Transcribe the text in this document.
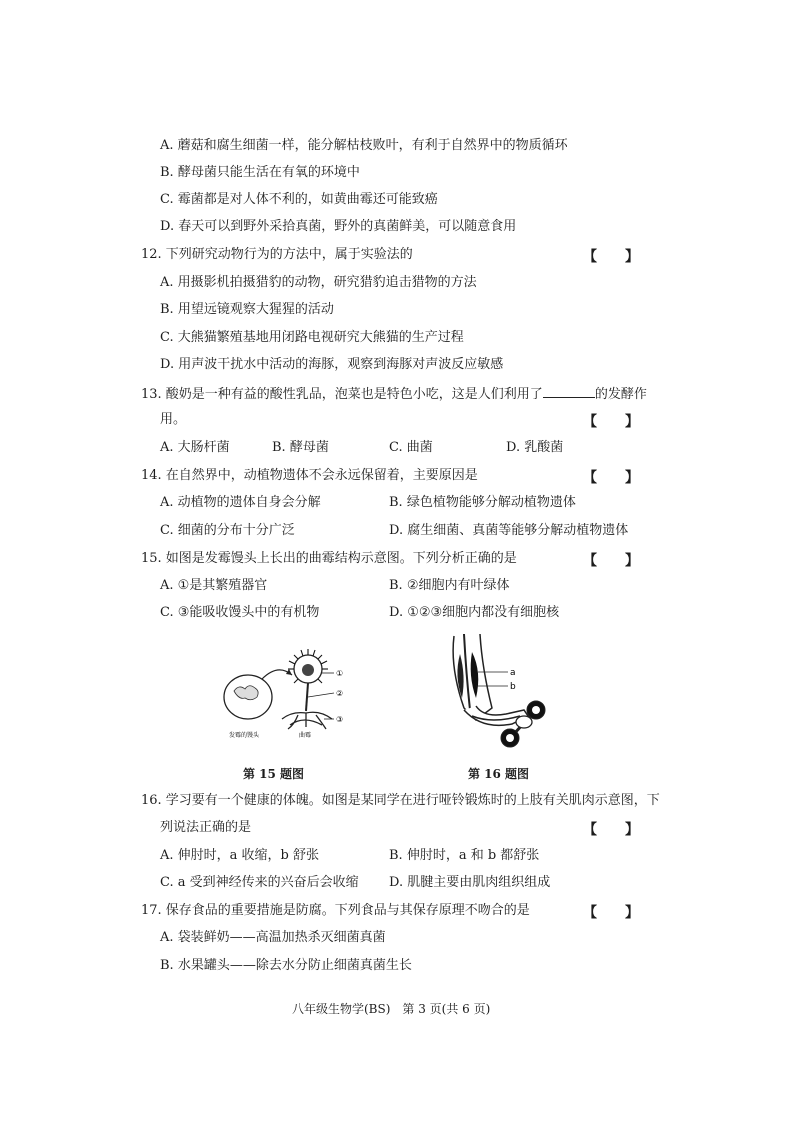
A. 蘑菇和腐生细菌一样，能分解枯枝败叶，有利于自然界中的物质循环
B. 酵母菌只能生活在有氧的环境中
C. 霉菌都是对人体不利的，如黄曲霉还可能致癌
D. 春天可以到野外采拾真菌，野外的真菌鲜美，可以随意食用
12. 下列研究动物行为的方法中，属于实验法的	【　　】
A. 用摄影机拍摄猎豹的动物，研究猎豹追击猎物的方法
B. 用望远镜观察大猩猩的活动
C. 大熊猫繁殖基地用闭路电视研究大熊猫的生产过程
D. 用声波干扰水中活动的海豚，观察到海豚对声波反应敏感
13. 酸奶是一种有益的酸性乳品，泡菜也是特色小吃，这是人们利用了	的发酵作
用。	【　　】
A. 大肠杆菌	B. 酵母菌	C. 曲菌	D. 乳酸菌
14. 在自然界中，动植物遗体不会永远保留着，主要原因是	【　　】
A. 动植物的遗体自身会分解	B. 绿色植物能够分解动植物遗体
C. 细菌的分布十分广泛	D. 腐生细菌、真菌等能够分解动植物遗体
15. 如图是发霉馒头上长出的曲霉结构示意图。下列分析正确的是	【　　】
A. ①是其繁殖器官	B. ②细胞内有叶绿体
C. ③能吸收馒头中的有机物	D. ①②③细胞内都没有细胞核
①
②
③
发霉的馒头	曲霉
a
b
第 15 题图	第 16 题图
16. 学习要有一个健康的体魄。如图是某同学在进行哑铃锻炼时的上肢有关肌肉示意图，下
列说法正确的是	【　　】
A. 伸肘时，a 收缩，b 舒张	B. 伸肘时，a 和 b 都舒张
C. a 受到神经传来的兴奋后会收缩 D. 肌腱主要由肌肉组织组成
17. 保存食品的重要措施是防腐。下列食品与其保存原理不吻合的是	【　　】
A. 袋装鲜奶——高温加热杀灭细菌真菌
B. 水果罐头——除去水分防止细菌真菌生长
八年级生物学(BS)　第 3 页(共 6 页)
